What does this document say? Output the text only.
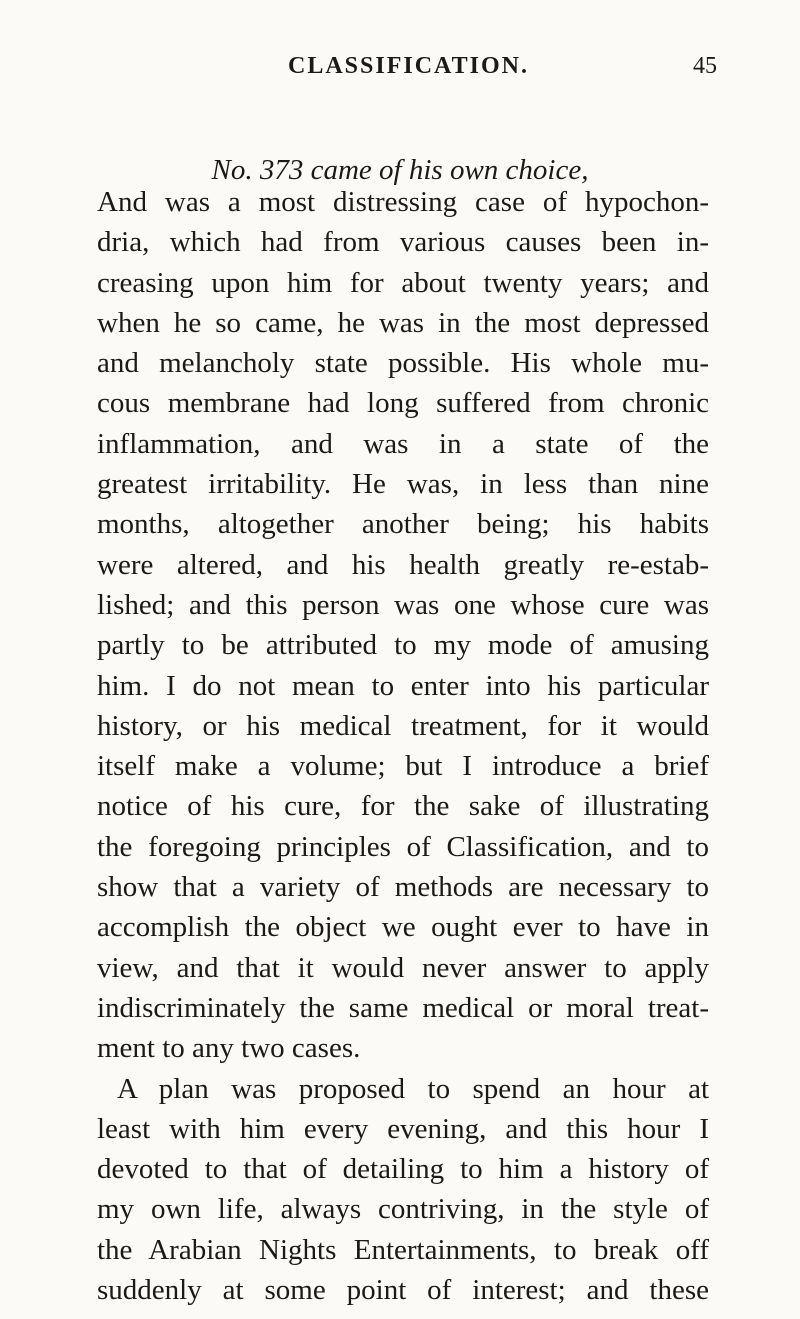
CLASSIFICATION.	45
No. 373 came of his own choice,
And was a most distressing case of hypochon-
dria, which had from various causes been in-
creasing upon him for about twenty years; and
when he so came, he was in the most depressed
and melancholy state possible. His whole mu-
cous membrane had long suffered from chronic
inflammation, and was in a state of the
greatest irritability. He was, in less than nine
months, altogether another being; his habits
were altered, and his health greatly re-estab-
lished; and this person was one whose cure was
partly to be attributed to my mode of amusing
him. I do not mean to enter into his particular
history, or his medical treatment, for it would
itself make a volume; but I introduce a brief
notice of his cure, for the sake of illustrating
the foregoing principles of Classification, and to
show that a variety of methods are necessary to
accomplish the object we ought ever to have in
view, and that it would never answer to apply
indiscriminately the same medical or moral treat-
ment to any two cases.
A plan was proposed to spend an hour at
least with him every evening, and this hour I
devoted to that of detailing to him a history of
my own life, always contriving, in the style of
the Arabian Nights Entertainments, to break off
suddenly at some point of interest; and these
